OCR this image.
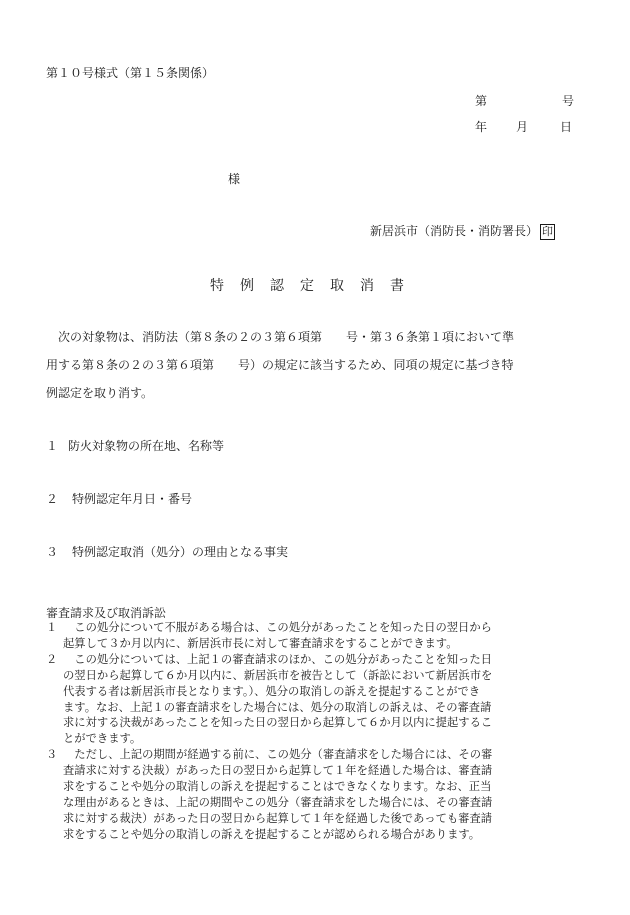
第１０号様式（第１５条関係）
第	号
年 月	日
様
新居浜市（消防長・消防署長） 印
特例認定取消書
次の対象物は、消防法（第８条の２の３第６項第　　号・第３６条第１項において準
用する第８条の２の３第６項第　　号）の規定に該当するため、同項の規定に基づき特
例認定を取り消す。
１ 防火対象物の所在地、名称等
２ 特例認定年月日・番号
３ 特例認定取消（処分）の理由となる事実
審査請求及び取消訴訟
１ 　この処分について不服がある場合は、この処分があったことを知った日の翌日から
起算して３か月以内に、新居浜市長に対して審査請求をすることができます。
２ 　この処分については、上記１の審査請求のほか、この処分があったことを知った日
の翌日から起算して６か月以内に、新居浜市を被告として（訴訟において新居浜市を
代表する者は新居浜市長となります。）、処分の取消しの訴えを提起することができ
ます。なお、上記１の審査請求をした場合には、処分の取消しの訴えは、その審査請
求に対する決裁があったことを知った日の翌日から起算して６か月以内に提起するこ
とができます。
３ 　ただし、上記の期間が経過する前に、この処分（審査請求をした場合には、その審
査請求に対する決裁）があった日の翌日から起算して１年を経過した場合は、審査請
求をすることや処分の取消しの訴えを提起することはできなくなります。なお、正当
な理由があるときは、上記の期間やこの処分（審査請求をした場合には、その審査請
求に対する裁決）があった日の翌日から起算して１年を経過した後であっても審査請
求をすることや処分の取消しの訴えを提起することが認められる場合があります。
